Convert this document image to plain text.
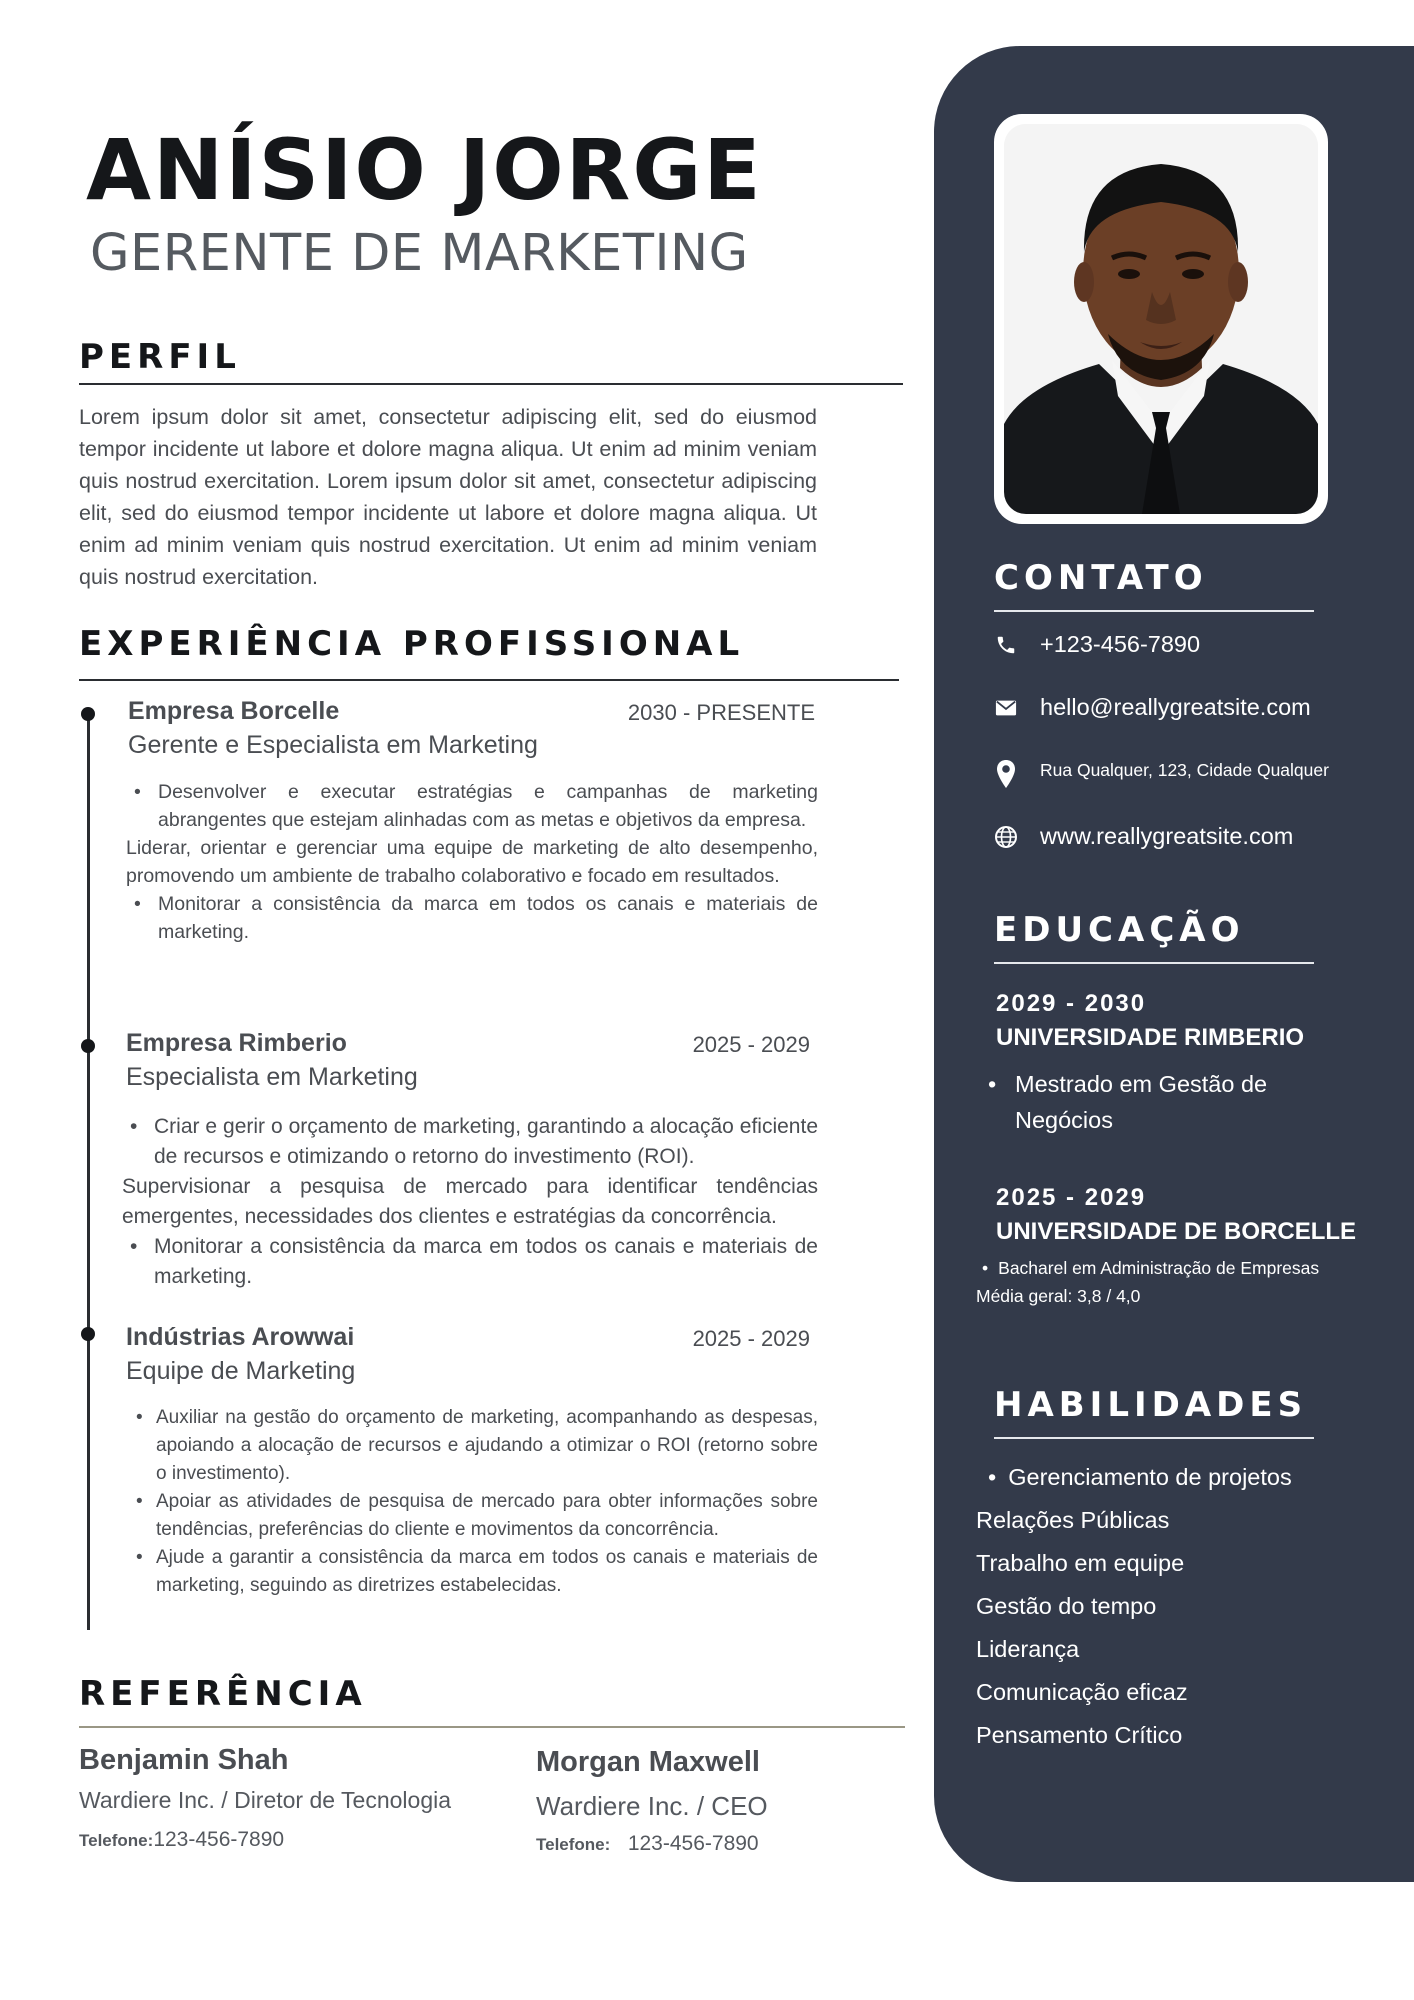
ANÍSIO JORGE
GERENTE DE MARKETING
PERFIL

Lorem ipsum dolor sit amet, consectetur adipiscing elit, sed do eiusmod tempor incidente ut labore et dolore magna aliqua. Ut enim ad minim veniam quis nostrud exercitation. Lorem ipsum dolor sit amet, consectetur adipiscing elit, sed do eiusmod tempor incidente ut labore et dolore magna aliqua. Ut enim ad minim veniam quis nostrud exercitation. Ut enim ad minim veniam quis nostrud exercitation.

EXPERIÊNCIA PROFISSIONAL
Empresa Borcelle
Gerente e Especialista em Marketing
2030 - PRESENTE
• Desenvolver e executar estratégias e campanhas de marketing abrangentes que estejam alinhadas com as metas e objetivos da empresa.
Liderar, orientar e gerenciar uma equipe de marketing de alto desempenho, promovendo um ambiente de trabalho colaborativo e focado em resultados.
• Monitorar a consistência da marca em todos os canais e materiais de marketing.
Empresa Rimberio
Especialista em Marketing
2025 - 2029
• Criar e gerir o orçamento de marketing, garantindo a alocação eficiente de recursos e otimizando o retorno do investimento (ROI).
Supervisionar a pesquisa de mercado para identificar tendências emergentes, necessidades dos clientes e estratégias da concorrência.
• Monitorar a consistência da marca em todos os canais e materiais de marketing.
Indústrias Arowwai
Equipe de Marketing
2025 - 2029
• Auxiliar na gestão do orçamento de marketing, acompanhando as despesas, apoiando a alocação de recursos e ajudando a otimizar o ROI (retorno sobre o investimento).
• Apoiar as atividades de pesquisa de mercado para obter informações sobre tendências, preferências do cliente e movimentos da concorrência.
• Ajude a garantir a consistência da marca em todos os canais e materiais de marketing, seguindo as diretrizes estabelecidas.
REFERÊNCIA
Benjamin Shah
Wardiere Inc. / Diretor de Tecnologia
Telefone:123-456-7890
Morgan Maxwell
Wardiere Inc. / CEO
Telefone: 123-456-7890
CONTATO
+123-456-7890
hello@reallygreatsite.com
Rua Qualquer, 123, Cidade Qualquer
www.reallygreatsite.com
EDUCAÇÃO
2029 - 2030
UNIVERSIDADE RIMBERIO
• Mestrado em Gestão de Negócios
2025 - 2029
UNIVERSIDADE DE BORCELLE
• Bacharel em Administração de Empresas
Média geral: 3,8 / 4,0
HABILIDADES
• Gerenciamento de projetos
Relações Públicas
Trabalho em equipe
Gestão do tempo
Liderança
Comunicação eficaz
Pensamento Crítico
